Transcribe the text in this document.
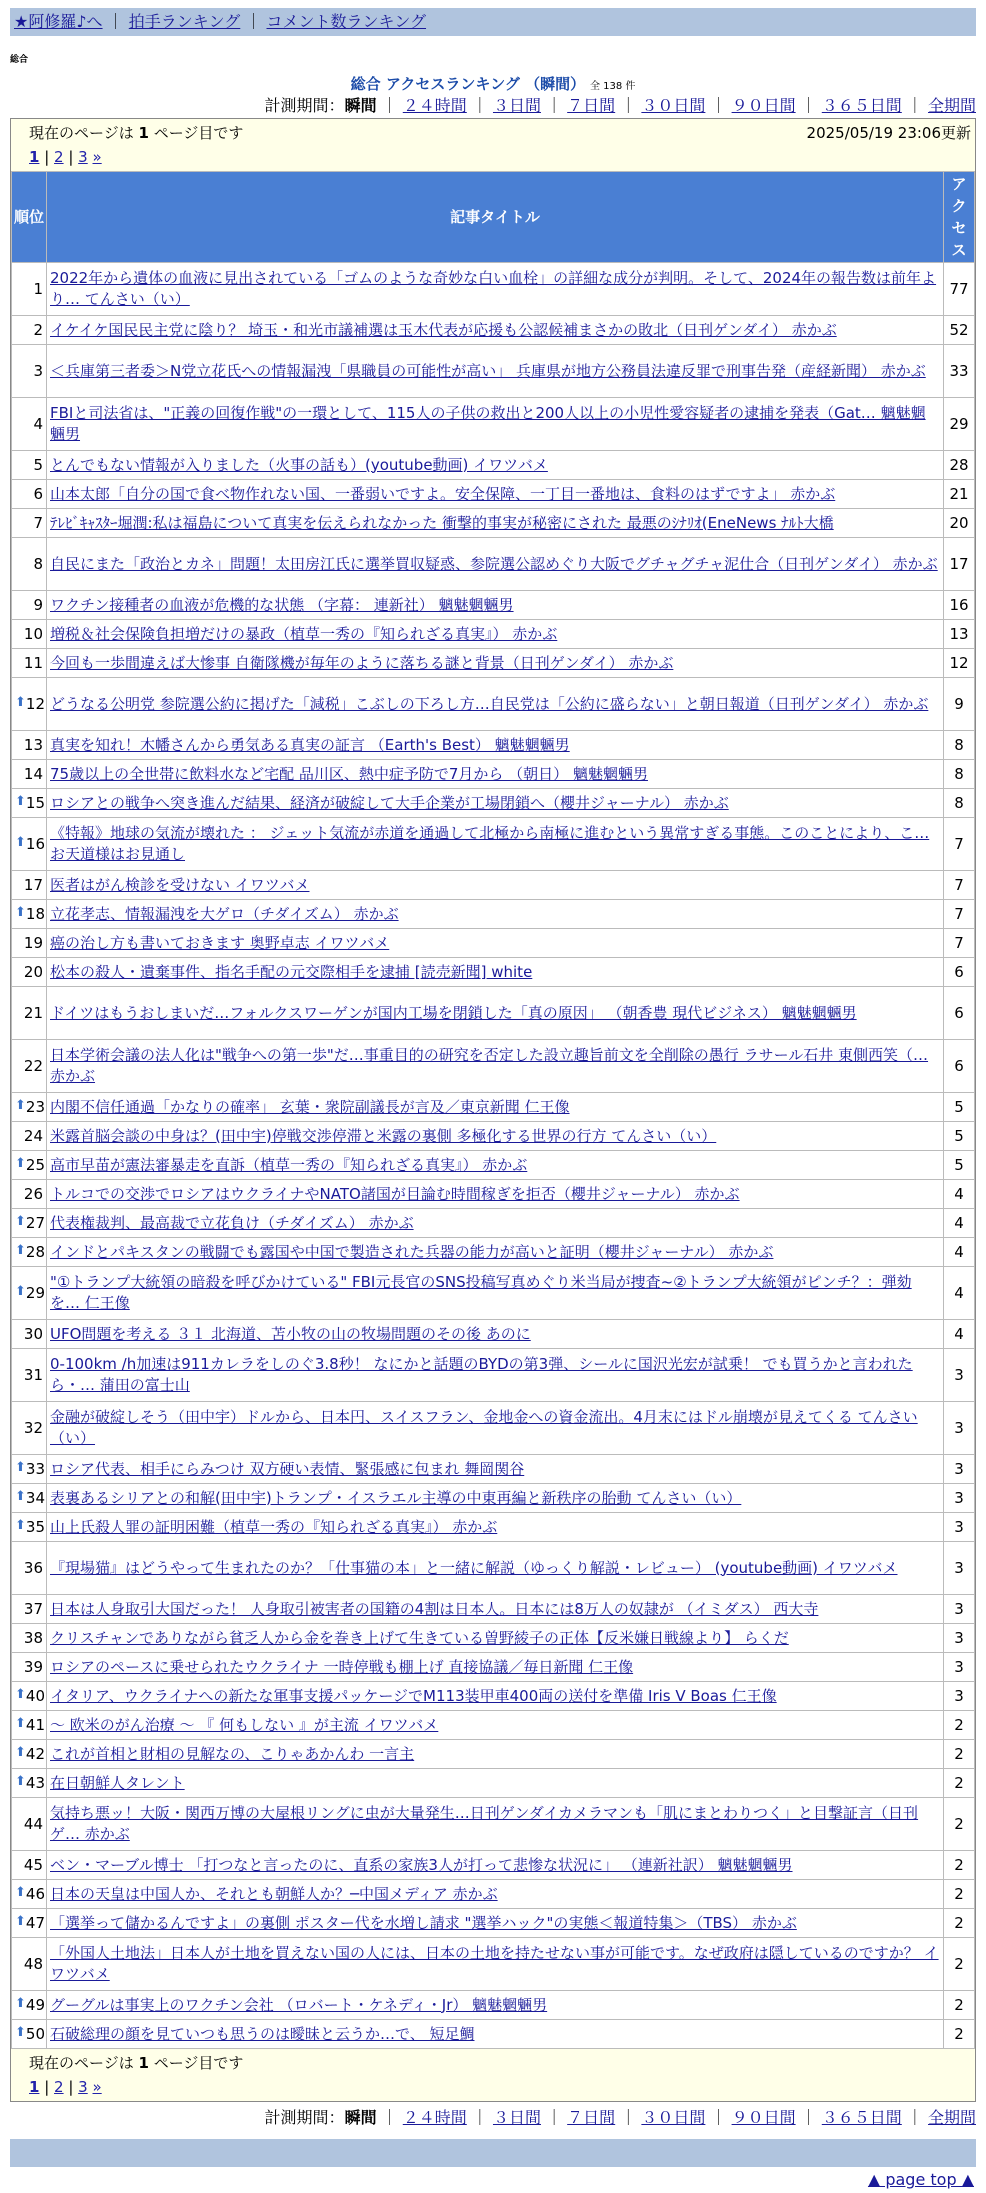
★阿修羅♪へ ｜ 拍手ランキング ｜ コメント数ランキング
総合
総合 アクセスランキング （瞬間） 全 138 件
計測期間：瞬間 ｜ ２４時間 ｜ ３日間 ｜ ７日間 ｜ ３０日間 ｜ ９０日間 ｜ ３６５日間 ｜ 全期間
現在のページは 1 ページ目です	2025/05/19 23:06更新
1 | 2 | 3 »
順位	記事タイトル	アクセス
1	2022年から遺体の血液に見出されている「ゴムのような奇妙な白い血栓」の詳細な成分が判明。そして、2024年の報告数は前年より… てんさい（い）	77
2	イケイケ国民民主党に陰り？ 埼玉・和光市議補選は玉木代表が応援も公認候補まさかの敗北（日刊ゲンダイ） 赤かぶ	52
3	＜兵庫第三者委＞N党立花氏への情報漏洩「県職員の可能性が高い」 兵庫県が地方公務員法違反罪で刑事告発（産経新聞） 赤かぶ	33
4	FBIと司法省は、"正義の回復作戦"の一環として、115人の子供の救出と200人以上の小児性愛容疑者の逮捕を発表（Gat… 魑魅魍魎男	29
5	とんでもない情報が入りました（火事の話も）(youtube動画) イワツバメ	28
6	山本太郎「自分の国で食べ物作れない国、一番弱いですよ。安全保障、一丁目一番地は、食料のはずですよ」 赤かぶ	21
7	ﾃﾚﾋﾞｷｬｽﾀｰ堀潤:私は福島について真実を伝えられなかった 衝撃的事実が秘密にされた 最悪のｼﾅﾘｵ(EneNews ﾅﾙﾄ大橋	20
8	自民にまた「政治とカネ」問題！太田房江氏に選挙買収疑惑、参院選公認めぐり大阪でグチャグチャ泥仕合（日刊ゲンダイ） 赤かぶ	17
9	ワクチン接種者の血液が危機的な状態 （字幕： 連新社） 魑魅魍魎男	16
10	増税＆社会保険負担増だけの暴政（植草一秀の『知られざる真実』） 赤かぶ	13
11	今回も一歩間違えば大惨事 自衛隊機が毎年のように落ちる謎と背景（日刊ゲンダイ） 赤かぶ	12

⬆ 12	どうなる公明党 参院選公約に掲げた「減税」こぶしの下ろし方…自民党は「公約に盛らない」と朝日報道（日刊ゲンダイ） 赤かぶ	9
13	真実を知れ！木幡さんから勇気ある真実の証言 （Earth's Best） 魑魅魍魎男	8
14	75歳以上の全世帯に飲料水など宅配 品川区、熱中症予防で7月から （朝日） 魑魅魍魎男	8

⬆ 15	ロシアとの戦争へ突き進んだ結果、経済が破綻して大手企業が工場閉鎖へ（櫻井ジャーナル） 赤かぶ	8

⬆ 16	《特報》地球の気流が壊れた ： ジェット気流が赤道を通過して北極から南極に進むという異常すぎる事態。このことにより、こ… お天道様はお見通し	7
17	医者はがん検診を受けない イワツバメ	7

⬆ 18	立花孝志、情報漏洩を大ゲロ（チダイズム） 赤かぶ	7
19	癌の治し方も書いておきます 奥野卓志 イワツバメ	7
20	松本の殺人・遺棄事件、指名手配の元交際相手を逮捕 [読売新聞] white	6
21	ドイツはもうおしまいだ…フォルクスワーゲンが国内工場を閉鎖した「真の原因」 （朝香豊 現代ビジネス） 魑魅魍魎男	6
22	日本学術会議の法人化は"戦争への第一歩"だ…事重目的の研究を否定した設立趣旨前文を全削除の愚行 ラサール石井 東側西笑（… 赤かぶ	6

⬆ 23	内閣不信任通過「かなりの確率」 玄葉・衆院副議長が言及／東京新聞 仁王像	5
24	米露首脳会談の中身は？(田中宇)停戦交渉停滞と米露の裏側 多極化する世界の行方 てんさい（い）	5

⬆ 25	高市早苗が憲法審暴走を直訴（植草一秀の『知られざる真実』） 赤かぶ	5
26	トルコでの交渉でロシアはウクライナやNATO諸国が目論む時間稼ぎを拒否（櫻井ジャーナル） 赤かぶ	4

⬆ 27	代表権裁判、最高裁で立花負け（チダイズム） 赤かぶ	4

⬆ 28	インドとパキスタンの戦闘でも露国や中国で製造された兵器の能力が高いと証明（櫻井ジャーナル） 赤かぶ	4

⬆ 29	"①トランプ大統領の暗殺を呼びかけている" FBI元長官のSNS投稿写真めぐり米当局が捜査~②トランプ大統領がピンチ？：弾劾を… 仁王像	4
30	UFO問題を考える ３１ 北海道、苫小牧の山の牧場問題のその後 あのに	4
31	0-100km /h加速は911カレラをしのぐ3.8秒！ なにかと話題のBYDの第3弾、シールに国沢光宏が試乗！ でも買うかと言われたら・… 蒲田の富士山	3
32	金融が破綻しそう（田中宇）ドルから、日本円、スイスフラン、金地金への資金流出。4月末にはドル崩壊が見えてくる てんさい（い）	3

⬆ 33	ロシア代表、相手にらみつけ 双方硬い表情、緊張感に包まれ 舞岡関谷	3

⬆ 34	表裏あるシリアとの和解(田中宇)トランプ・イスラエル主導の中東再編と新秩序の胎動 てんさい（い）	3

⬆ 35	山上氏殺人罪の証明困難（植草一秀の『知られざる真実』） 赤かぶ	3
36	『現場猫』はどうやって生まれたのか？「仕事猫の本」と一緒に解説（ゆっくり解説・レビュー） (youtube動画) イワツバメ	3
37	日本は人身取引大国だった！ 人身取引被害者の国籍の4割は日本人。日本には8万人の奴隷が （イミダス） 西大寺	3
38	クリスチャンでありながら貧乏人から金を巻き上げて生きている曽野綾子の正体【反米嫌日戦線より】 らくだ	3
39	ロシアのペースに乗せられたウクライナ 一時停戦も棚上げ 直接協議／毎日新聞 仁王像	3

⬆ 40	イタリア、ウクライナへの新たな軍事支援パッケージでM113装甲車400両の送付を準備 Iris V Boas 仁王像	3

⬆ 41	～ 欧米のがん治療 ～ 『 何もしない 』が主流 イワツバメ	2

⬆ 42	これが首相と財相の見解なの、こりゃあかんわ 一言主	2

⬆ 43	在日朝鮮人タレント	2
44	気持ち悪ッ！大阪・関西万博の大屋根リングに虫が大量発生…日刊ゲンダイカメラマンも「肌にまとわりつく」と目撃証言（日刊ゲ… 赤かぶ	2
45	ベン・マーブル博士 「打つなと言ったのに、直系の家族3人が打って悲惨な状況に」 （連新社訳） 魑魅魍魎男	2

⬆ 46	日本の天皇は中国人か、それとも朝鮮人か？─中国メディア 赤かぶ	2

⬆ 47	「選挙って儲かるんですよ」の裏側 ポスター代を水増し請求 "選挙ハック"の実態＜報道特集＞（TBS） 赤かぶ	2
48	「外国人土地法」日本人が土地を買えない国の人には、日本の土地を持たせない事が可能です。なぜ政府は隠しているのですか？ イワツバメ	2

⬆ 49	グーグルは事実上のワクチン会社 （ロバート・ケネディ・Jr） 魑魅魍魎男	2

⬆ 50	石破総理の顔を見ていつも思うのは曖昧と云うか…で、 短足鯛	2
現在のページは 1 ページ目です
1 | 2 | 3 »
計測期間：瞬間 ｜ ２４時間 ｜ ３日間 ｜ ７日間 ｜ ３０日間 ｜ ９０日間 ｜ ３６５日間 ｜ 全期間
▲ page top ▲
